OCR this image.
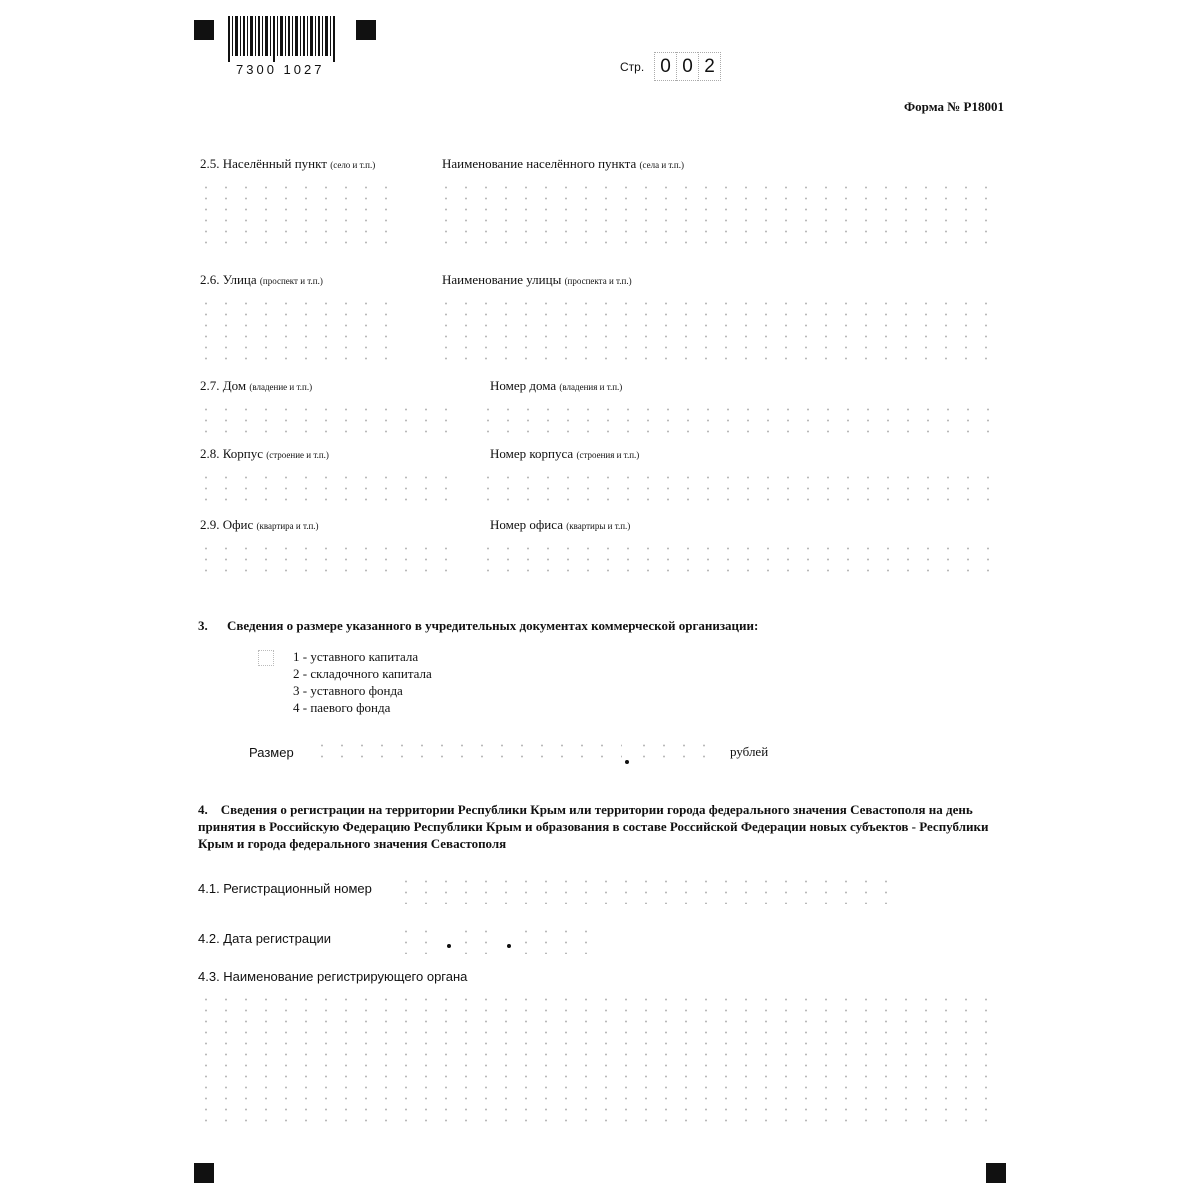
7300 1027	Стр. 0 0 2
Форма № Р18001
2.5. Населённый пункт (село и т.п.)	Наименование населённого пункта (села и т.п.)
2.6. Улица (проспект и т.п.)	Наименование улицы (проспекта и т.п.)
2.7. Дом (владение и т.п.)	Номер дома (владения и т.п.)
2.8. Корпус (строение и т.п.)	Номер корпуса (строения и т.п.)
2.9. Офис (квартира и т.п.)	Номер офиса (квартиры и т.п.)
3. Сведения о размере указанного в учредительных документах коммерческой организации:
1 - уставного капитала
2 - складочного капитала
3 - уставного фонда
4 - паевого фонда
Размер	рублей
4. Сведения о регистрации на территории Республики Крым или территории города федерального значения Севастополя на день принятия в Российскую Федерацию Республики Крым и образования в составе Российской Федерации новых субъектов - Республики Крым и города федерального значения Севастополя
4.1. Регистрационный номер
4.2. Дата регистрации
4.3. Наименование регистрирующего органа
